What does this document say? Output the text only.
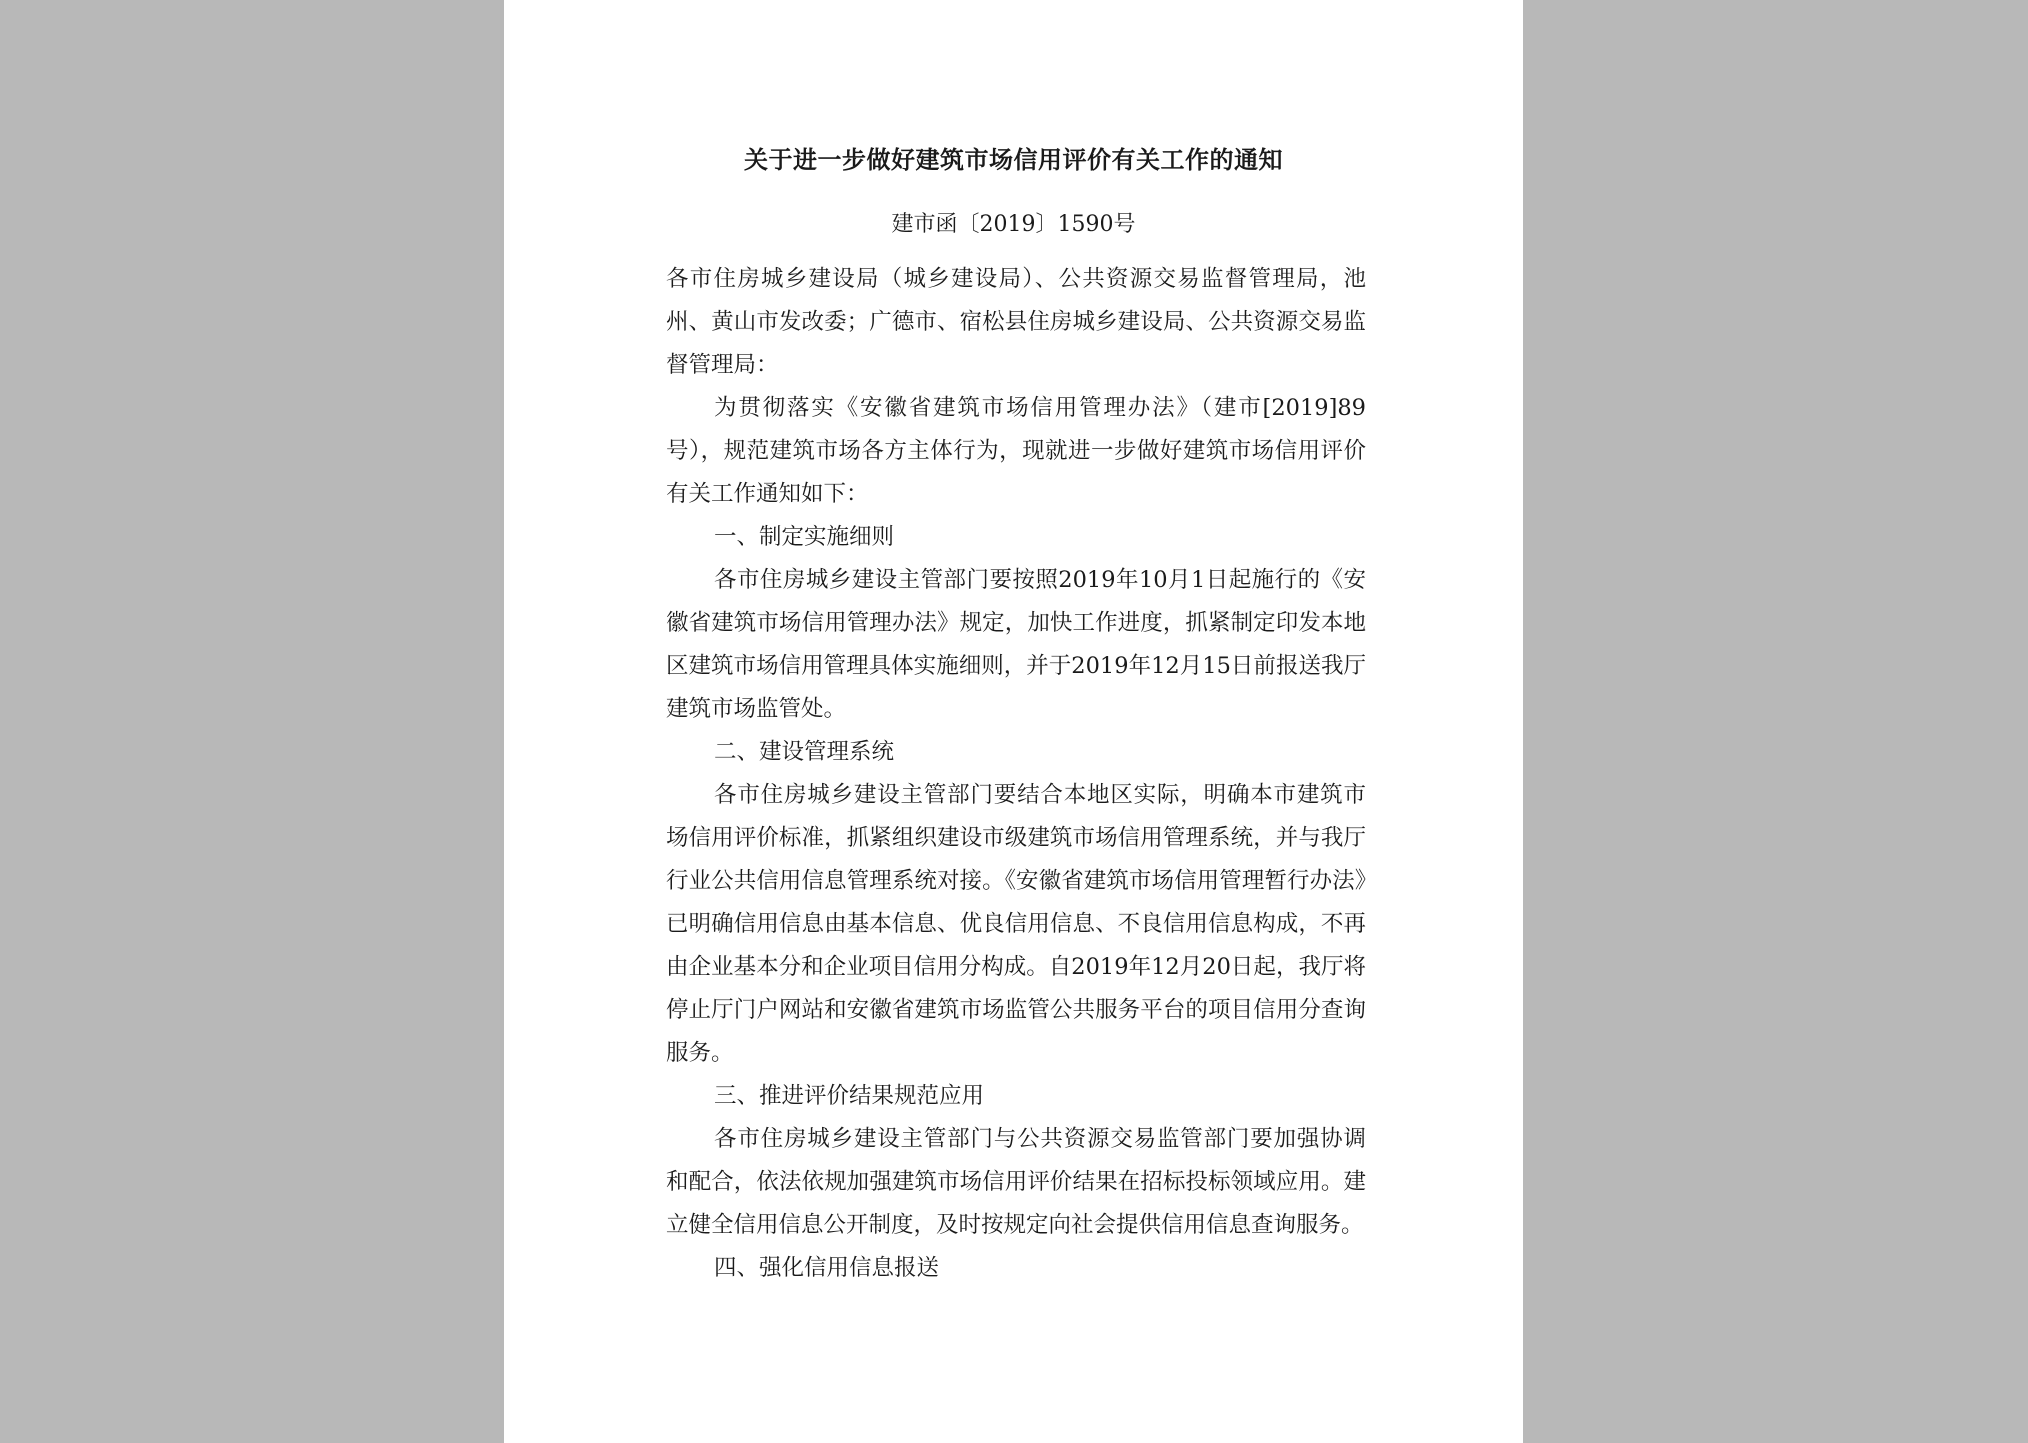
关于进一步做好建筑市场信用评价有关工作的通知

建市函〔2019〕1590号

各市住房城乡建设局（城乡建设局）、公共资源交易监督管理局，池州、黄山市发改委；广德市、宿松县住房城乡建设局、公共资源交易监督管理局：

为贯彻落实《安徽省建筑市场信用管理办法》（建市[2019]89号），规范建筑市场各方主体行为，现就进一步做好建筑市场信用评价有关工作通知如下：

一、制定实施细则

各市住房城乡建设主管部门要按照2019年10月1日起施行的《安徽省建筑市场信用管理办法》规定，加快工作进度，抓紧制定印发本地区建筑市场信用管理具体实施细则，并于2019年12月15日前报送我厅建筑市场监管处。

二、建设管理系统

各市住房城乡建设主管部门要结合本地区实际，明确本市建筑市场信用评价标准，抓紧组织建设市级建筑市场信用管理系统，并与我厅行业公共信用信息管理系统对接。《安徽省建筑市场信用管理暂行办法》已明确信用信息由基本信息、优良信用信息、不良信用信息构成，不再由企业基本分和企业项目信用分构成。自2019年12月20日起，我厅将停止厅门户网站和安徽省建筑市场监管公共服务平台的项目信用分查询服务。

三、推进评价结果规范应用

各市住房城乡建设主管部门与公共资源交易监管部门要加强协调和配合，依法依规加强建筑市场信用评价结果在招标投标领域应用。建立健全信用信息公开制度，及时按规定向社会提供信用信息查询服务。

四、强化信用信息报送
